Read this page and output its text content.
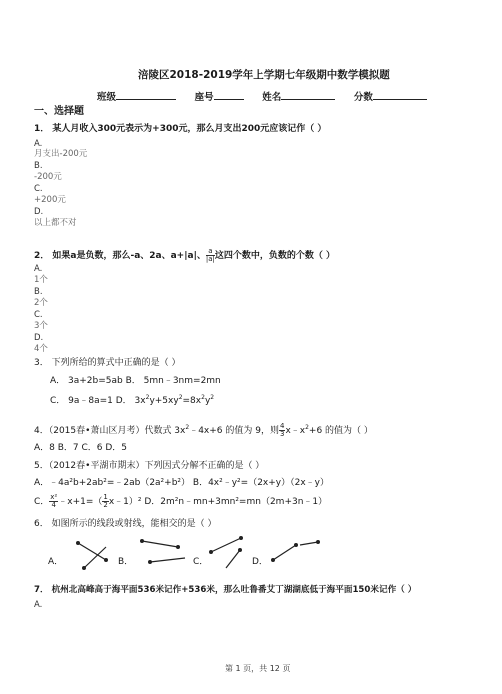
涪陵区2018-2019学年上学期七年级期中数学模拟题
班级	座号	姓名	分数
一、选择题
1． 某人月收入300元表示为+300元，那么月支出200元应该记作（ ）
A.
月支出-200元
B.
-200元
C.
+200元
D.
以上都不对
2． 如果a是负数，那么-a、2a、a+|a|、 $\frac{a}{|a|}$ 这四个数中，负数的个数（ ）
A.
1个
B.
2个
C.
3个
D.
4个
3． 下列所给的算式中正确的是（ ）
A． 3a+2b=5ab B． 5mn﹣3nm=2mn
C． 9a﹣8a=1 D． $3x^2y+5xy^2=8x^2y^2$
4．（2015春•萧山区月考）代数式 $3x^2﹣4x+6$ 的值为 9，则 $\frac{4}{3}$ $x﹣x^2+6$ 的值为（ ）
A．8 B．7 C．6 D．5
5．（2012春•平湖市期末）下列因式分解不正确的是（ ）
A．﹣4a²b+2ab²=﹣2ab（2a²+b²） B．4x²﹣y²=（2x+y）（2x﹣y）
C． $\frac{\text{x²}}{4}$ ﹣x+1=（ $\frac{1}{2}$ x﹣1）² D．2m²n﹣mn+3mn²=mn（2m+3n﹣1）
6． 如图所示的线段或射线，能相交的是（ ）
A．	B．	C．	D．
7． 杭州北高峰高于海平面536米记作+536米，那么吐鲁番艾丁湖湖底低于海平面150米记作（ ）
A.
第 1 页，共 12 页
